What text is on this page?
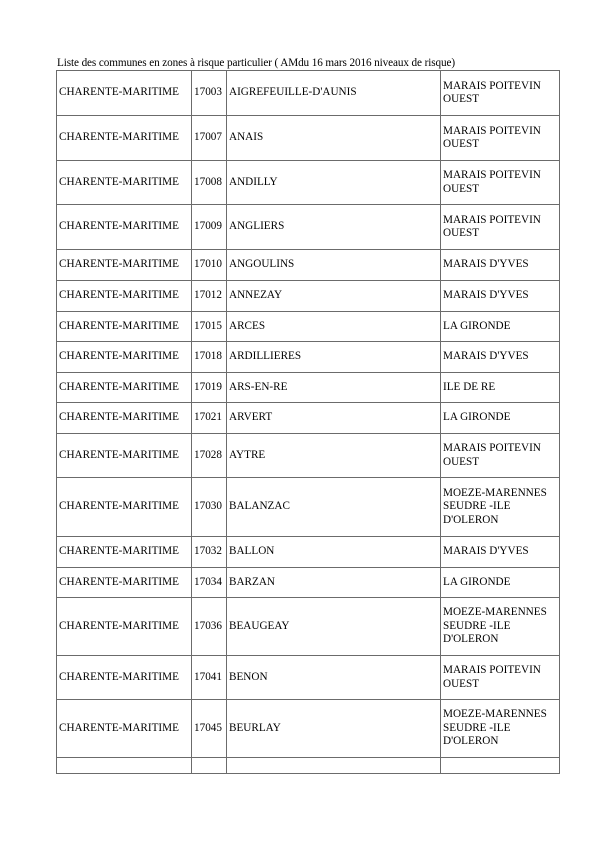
Liste des communes en zones à risque particulier ( AMdu 16 mars 2016 niveaux de risque)
CHARENTE-MARITIME	17003	AIGREFEUILLE-D'AUNIS	MARAIS POITEVIN OUEST
CHARENTE-MARITIME	17007	ANAIS	MARAIS POITEVIN OUEST
CHARENTE-MARITIME	17008	ANDILLY	MARAIS POITEVIN OUEST
CHARENTE-MARITIME	17009	ANGLIERS	MARAIS POITEVIN OUEST
CHARENTE-MARITIME	17010	ANGOULINS	MARAIS D'YVES
CHARENTE-MARITIME	17012	ANNEZAY	MARAIS D'YVES
CHARENTE-MARITIME	17015	ARCES	LA GIRONDE
CHARENTE-MARITIME	17018	ARDILLIERES	MARAIS D'YVES
CHARENTE-MARITIME	17019	ARS-EN-RE	ILE DE RE
CHARENTE-MARITIME	17021	ARVERT	LA GIRONDE
CHARENTE-MARITIME	17028	AYTRE	MARAIS POITEVIN OUEST
CHARENTE-MARITIME	17030	BALANZAC	MOEZE-MARENNES SEUDRE -ILE D'OLERON
CHARENTE-MARITIME	17032	BALLON	MARAIS D'YVES
CHARENTE-MARITIME	17034	BARZAN	LA GIRONDE
CHARENTE-MARITIME	17036	BEAUGEAY	MOEZE-MARENNES SEUDRE -ILE D'OLERON
CHARENTE-MARITIME	17041	BENON	MARAIS POITEVIN OUEST
CHARENTE-MARITIME	17045	BEURLAY	MOEZE-MARENNES SEUDRE -ILE D'OLERON
